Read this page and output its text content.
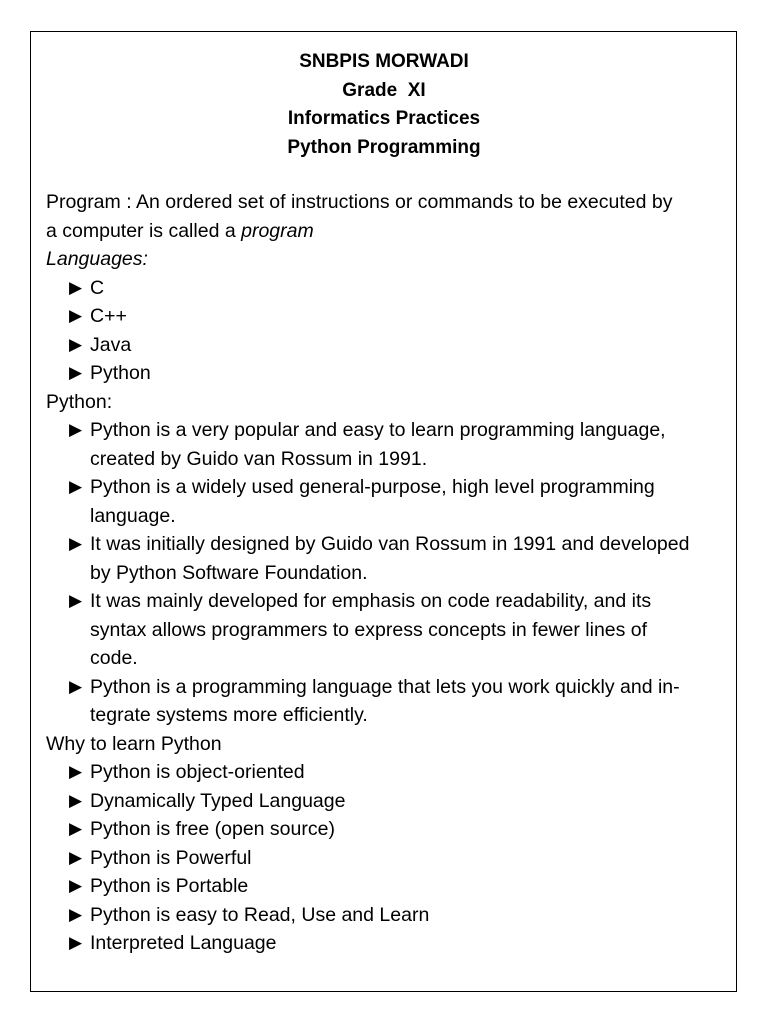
SNBPIS MORWADI
Grade  XI
Informatics Practices
Python Programming
Program : An ordered set of instructions or commands to be executed by
a computer is called a program
Languages:
▶ C
▶ C++
▶ Java
▶ Python
Python:
▶ Python is a very popular and easy to learn programming language,
created by Guido van Rossum in 1991.
▶ Python is a widely used general-purpose, high level programming
language.
▶ It was initially designed by Guido van Rossum in 1991 and developed
by Python Software Foundation.
▶ It was mainly developed for emphasis on code readability, and its
syntax allows programmers to express concepts in fewer lines of
code.
▶ Python is a programming language that lets you work quickly and in-
tegrate systems more efficiently.
Why to learn Python
▶ Python is object-oriented
▶ Dynamically Typed Language
▶ Python is free (open source)
▶ Python is Powerful
▶ Python is Portable
▶ Python is easy to Read, Use and Learn
▶ Interpreted Language
